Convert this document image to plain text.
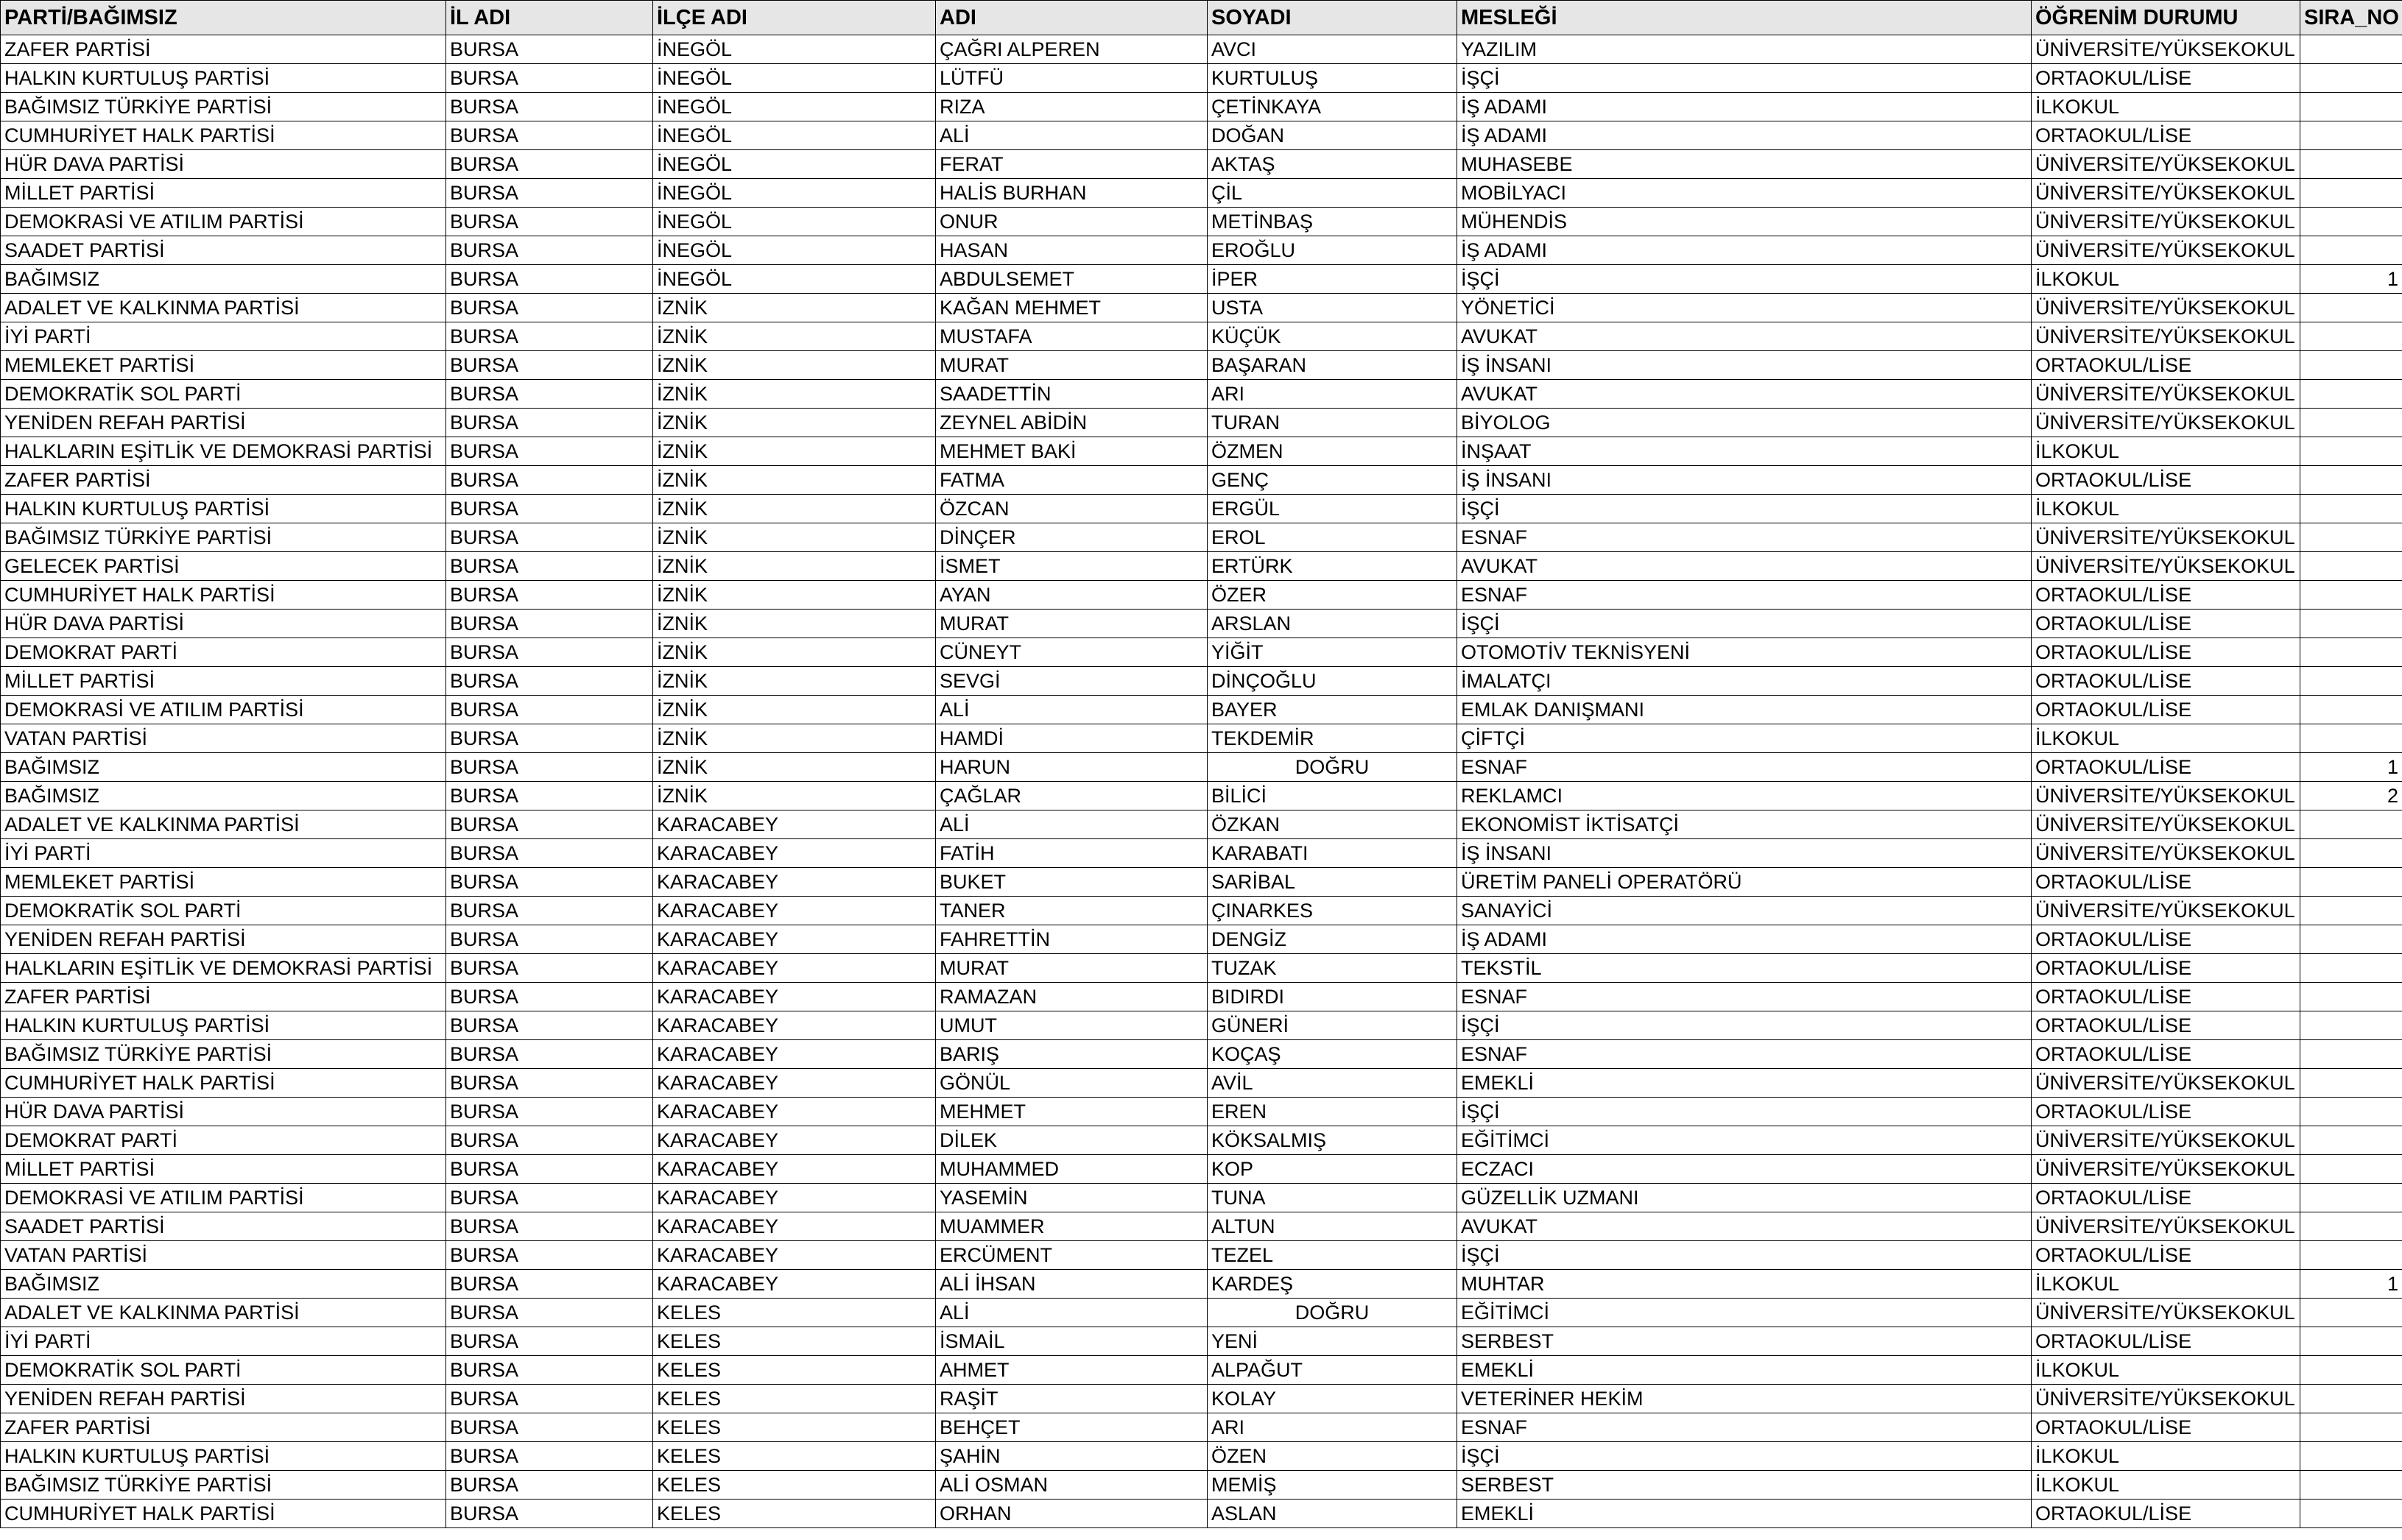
PARTİ/BAĞIMSIZ	İL ADI	İLÇE ADI	ADI	SOYADI	MESLEĞİ	ÖĞRENİM DURUMU	SIRA_NO
ZAFER PARTİSİ	BURSA	İNEGÖL	ÇAĞRI ALPEREN	AVCI	YAZILIM	ÜNİVERSİTE/YÜKSEKOKUL	
HALKIN KURTULUŞ PARTİSİ	BURSA	İNEGÖL	LÜTFÜ	KURTULUŞ	İŞÇİ	ORTAOKUL/LİSE	
BAĞIMSIZ TÜRKİYE PARTİSİ	BURSA	İNEGÖL	RIZA	ÇETİNKAYA	İŞ ADAMI	İLKOKUL	
CUMHURİYET HALK PARTİSİ	BURSA	İNEGÖL	ALİ	DOĞAN	İŞ ADAMI	ORTAOKUL/LİSE	
HÜR DAVA PARTİSİ	BURSA	İNEGÖL	FERAT	AKTAŞ	MUHASEBE	ÜNİVERSİTE/YÜKSEKOKUL	
MİLLET PARTİSİ	BURSA	İNEGÖL	HALİS BURHAN	ÇİL	MOBİLYACI	ÜNİVERSİTE/YÜKSEKOKUL	
DEMOKRASİ VE ATILIM PARTİSİ	BURSA	İNEGÖL	ONUR	METİNBAŞ	MÜHENDİS	ÜNİVERSİTE/YÜKSEKOKUL	
SAADET PARTİSİ	BURSA	İNEGÖL	HASAN	EROĞLU	İŞ ADAMI	ÜNİVERSİTE/YÜKSEKOKUL	
BAĞIMSIZ	BURSA	İNEGÖL	ABDULSEMET	İPER	İŞÇİ	İLKOKUL	1
ADALET VE KALKINMA PARTİSİ	BURSA	İZNİK	KAĞAN MEHMET	USTA	YÖNETİCİ	ÜNİVERSİTE/YÜKSEKOKUL	
İYİ PARTİ	BURSA	İZNİK	MUSTAFA	KÜÇÜK	AVUKAT	ÜNİVERSİTE/YÜKSEKOKUL	
MEMLEKET PARTİSİ	BURSA	İZNİK	MURAT	BAŞARAN	İŞ İNSANI	ORTAOKUL/LİSE	
DEMOKRATİK SOL PARTİ	BURSA	İZNİK	SAADETTİN	ARI	AVUKAT	ÜNİVERSİTE/YÜKSEKOKUL	
YENİDEN REFAH PARTİSİ	BURSA	İZNİK	ZEYNEL ABİDİN	TURAN	BİYOLOG	ÜNİVERSİTE/YÜKSEKOKUL	
HALKLARIN EŞİTLİK VE DEMOKRASİ PARTİSİ	BURSA	İZNİK	MEHMET BAKİ	ÖZMEN	İNŞAAT	İLKOKUL	
ZAFER PARTİSİ	BURSA	İZNİK	FATMA	GENÇ	İŞ İNSANI	ORTAOKUL/LİSE	
HALKIN KURTULUŞ PARTİSİ	BURSA	İZNİK	ÖZCAN	ERGÜL	İŞÇİ	İLKOKUL	
BAĞIMSIZ TÜRKİYE PARTİSİ	BURSA	İZNİK	DİNÇER	EROL	ESNAF	ÜNİVERSİTE/YÜKSEKOKUL	
GELECEK PARTİSİ	BURSA	İZNİK	İSMET	ERTÜRK	AVUKAT	ÜNİVERSİTE/YÜKSEKOKUL	
CUMHURİYET HALK PARTİSİ	BURSA	İZNİK	AYAN	ÖZER	ESNAF	ORTAOKUL/LİSE	
HÜR DAVA PARTİSİ	BURSA	İZNİK	MURAT	ARSLAN	İŞÇİ	ORTAOKUL/LİSE	
DEMOKRAT PARTİ	BURSA	İZNİK	CÜNEYT	YİĞİT	OTOMOTİV TEKNİSYENİ	ORTAOKUL/LİSE	
MİLLET PARTİSİ	BURSA	İZNİK	SEVGİ	DİNÇOĞLU	İMALATÇI	ORTAOKUL/LİSE	
DEMOKRASİ VE ATILIM PARTİSİ	BURSA	İZNİK	ALİ	BAYER	EMLAK DANIŞMANI	ORTAOKUL/LİSE	
VATAN PARTİSİ	BURSA	İZNİK	HAMDİ	TEKDEMİR	ÇİFTÇİ	İLKOKUL	
BAĞIMSIZ	BURSA	İZNİK	HARUN	DOĞRU	ESNAF	ORTAOKUL/LİSE	1
BAĞIMSIZ	BURSA	İZNİK	ÇAĞLAR	BİLİCİ	REKLAMCI	ÜNİVERSİTE/YÜKSEKOKUL	2
ADALET VE KALKINMA PARTİSİ	BURSA	KARACABEY	ALİ	ÖZKAN	EKONOMİST İKTİSATÇİ	ÜNİVERSİTE/YÜKSEKOKUL	
İYİ PARTİ	BURSA	KARACABEY	FATİH	KARABATI	İŞ İNSANI	ÜNİVERSİTE/YÜKSEKOKUL	
MEMLEKET PARTİSİ	BURSA	KARACABEY	BUKET	SARİBAL	ÜRETİM PANELİ OPERATÖRÜ	ORTAOKUL/LİSE	
DEMOKRATİK SOL PARTİ	BURSA	KARACABEY	TANER	ÇINARKES	SANAYİCİ	ÜNİVERSİTE/YÜKSEKOKUL	
YENİDEN REFAH PARTİSİ	BURSA	KARACABEY	FAHRETTİN	DENGİZ	İŞ ADAMI	ORTAOKUL/LİSE	
HALKLARIN EŞİTLİK VE DEMOKRASİ PARTİSİ	BURSA	KARACABEY	MURAT	TUZAK	TEKSTİL	ORTAOKUL/LİSE	
ZAFER PARTİSİ	BURSA	KARACABEY	RAMAZAN	BIDIRDI	ESNAF	ORTAOKUL/LİSE	
HALKIN KURTULUŞ PARTİSİ	BURSA	KARACABEY	UMUT	GÜNERİ	İŞÇİ	ORTAOKUL/LİSE	
BAĞIMSIZ TÜRKİYE PARTİSİ	BURSA	KARACABEY	BARIŞ	KOÇAŞ	ESNAF	ORTAOKUL/LİSE	
CUMHURİYET HALK PARTİSİ	BURSA	KARACABEY	GÖNÜL	AVİL	EMEKLİ	ÜNİVERSİTE/YÜKSEKOKUL	
HÜR DAVA PARTİSİ	BURSA	KARACABEY	MEHMET	EREN	İŞÇİ	ORTAOKUL/LİSE	
DEMOKRAT PARTİ	BURSA	KARACABEY	DİLEK	KÖKSALMIŞ	EĞİTİMCİ	ÜNİVERSİTE/YÜKSEKOKUL	
MİLLET PARTİSİ	BURSA	KARACABEY	MUHAMMED	KOP	ECZACI	ÜNİVERSİTE/YÜKSEKOKUL	
DEMOKRASİ VE ATILIM PARTİSİ	BURSA	KARACABEY	YASEMİN	TUNA	GÜZELLİK UZMANI	ORTAOKUL/LİSE	
SAADET PARTİSİ	BURSA	KARACABEY	MUAMMER	ALTUN	AVUKAT	ÜNİVERSİTE/YÜKSEKOKUL	
VATAN PARTİSİ	BURSA	KARACABEY	ERCÜMENT	TEZEL	İŞÇİ	ORTAOKUL/LİSE	
BAĞIMSIZ	BURSA	KARACABEY	ALİ İHSAN	KARDEŞ	MUHTAR	İLKOKUL	1
ADALET VE KALKINMA PARTİSİ	BURSA	KELES	ALİ	DOĞRU	EĞİTİMCİ	ÜNİVERSİTE/YÜKSEKOKUL	
İYİ PARTİ	BURSA	KELES	İSMAİL	YENİ	SERBEST	ORTAOKUL/LİSE	
DEMOKRATİK SOL PARTİ	BURSA	KELES	AHMET	ALPAĞUT	EMEKLİ	İLKOKUL	
YENİDEN REFAH PARTİSİ	BURSA	KELES	RAŞİT	KOLAY	VETERİNER HEKİM	ÜNİVERSİTE/YÜKSEKOKUL	
ZAFER PARTİSİ	BURSA	KELES	BEHÇET	ARI	ESNAF	ORTAOKUL/LİSE	
HALKIN KURTULUŞ PARTİSİ	BURSA	KELES	ŞAHİN	ÖZEN	İŞÇİ	İLKOKUL	
BAĞIMSIZ TÜRKİYE PARTİSİ	BURSA	KELES	ALİ OSMAN	MEMİŞ	SERBEST	İLKOKUL	
CUMHURİYET HALK PARTİSİ	BURSA	KELES	ORHAN	ASLAN	EMEKLİ	ORTAOKUL/LİSE	
